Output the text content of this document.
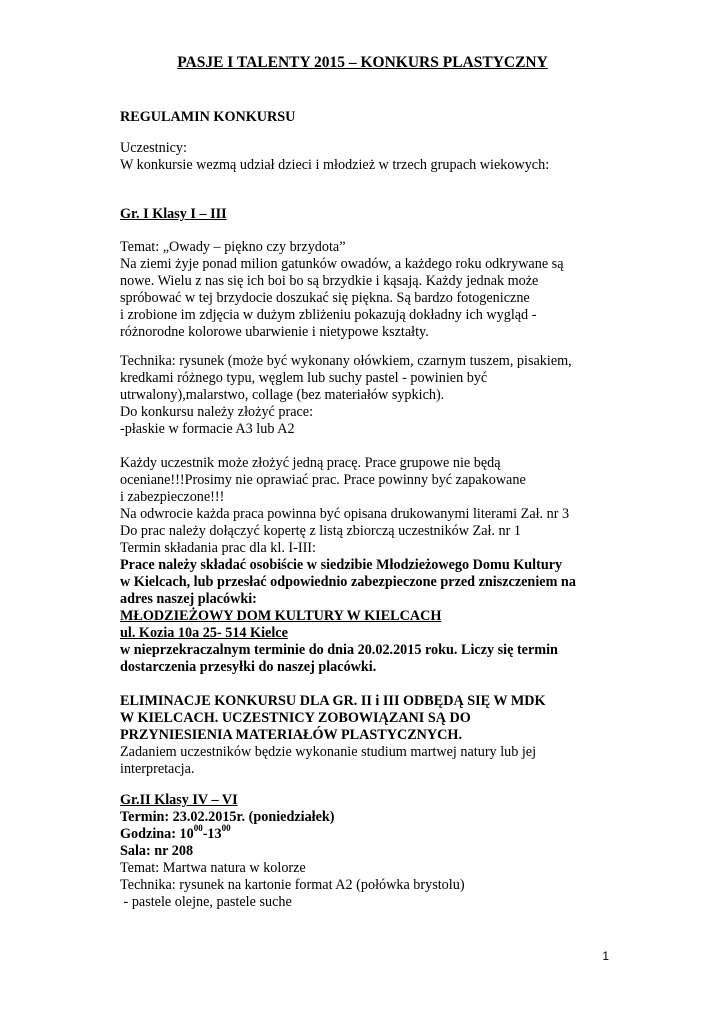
PASJE I TALENTY 2015 – KONKURS PLASTYCZNY
REGULAMIN KONKURSU
Uczestnicy:
W konkursie wezmą udział dzieci i młodzież w trzech grupach wiekowych:
Gr. I Klasy I – III
Temat: „Owady – piękno czy brzydota”
Na ziemi żyje ponad milion gatunków owadów, a każdego roku odkrywane są
nowe. Wielu z nas się ich boi bo są brzydkie i kąsają. Każdy jednak może
spróbować w tej brzydocie doszukać się piękna. Są bardzo fotogeniczne
i zrobione im zdjęcia w dużym zbliżeniu pokazują dokładny ich wygląd -
różnorodne kolorowe ubarwienie i nietypowe kształty.
Technika: rysunek (może być wykonany ołówkiem, czarnym tuszem, pisakiem,
kredkami różnego typu, węglem lub suchy pastel - powinien być
utrwalony),malarstwo, collage (bez materiałów sypkich).
Do konkursu należy złożyć prace:
-płaskie w formacie A3 lub A2
Każdy uczestnik może złożyć jedną pracę. Prace grupowe nie będą
oceniane!!!Prosimy nie oprawiać prac. Prace powinny być zapakowane
i zabezpieczone!!!
Na odwrocie każda praca powinna być opisana drukowanymi literami Zał. nr 3
Do prac należy dołączyć kopertę z listą zbiorczą uczestników Zał. nr 1
Termin składania prac dla kl. I-III:
Prace należy składać osobiście w siedzibie Młodzieżowego Domu Kultury
w Kielcach, lub przesłać odpowiednio zabezpieczone przed zniszczeniem na
adres naszej placówki:
MŁODZIEŻOWY DOM KULTURY W KIELCACH
ul. Kozia 10a 25- 514 Kielce
w nieprzekraczalnym terminie do dnia 20.02.2015 roku. Liczy się termin
dostarczenia przesyłki do naszej placówki.
ELIMINACJE KONKURSU DLA GR. II i III ODBĘDĄ SIĘ W MDK
W KIELCACH. UCZESTNICY ZOBOWIĄZANI SĄ DO
PRZYNIESIENIA MATERIAŁÓW PLASTYCZNYCH.
Zadaniem uczestników będzie wykonanie studium martwej natury lub jej
interpretacja.
Gr.II Klasy IV – VI
Termin: 23.02.2015r. (poniedziałek)
Godzina: $10^{00}-13^{00}$
Sala: nr 208
Temat: Martwa natura w kolorze
Technika: rysunek na kartonie format A2 (połówka brystolu)
- pastele olejne, pastele suche
1
